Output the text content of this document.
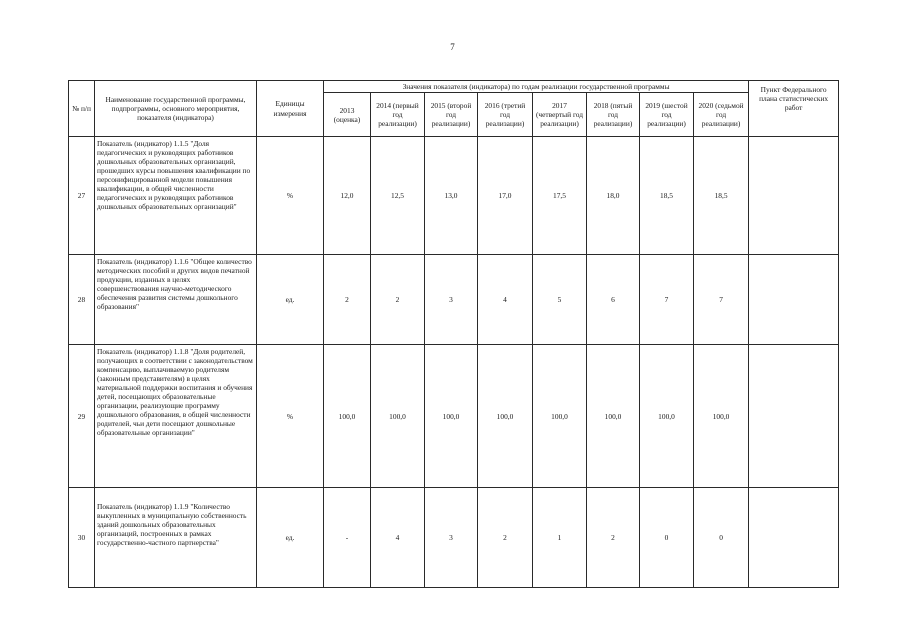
7
№ п/п	Наименование государственной программы, подпрограммы, основного мероприятия, показателя (индикатора)	Единицы измерения	Значения показателя (индикатора) по годам реализации государственной программы								Пункт Федерального плана статистических работ
			2013 (оценка)	2014 (первый год реализации)	2015 (второй год реализации)	2016 (третий год реализации)	2017 (четвертый год реализации)	2018 (пятый год реализации)	2019 (шестой год реализации)	2020 (седьмой год реализации)	
27	Показатель (индикатор) 1.1.5 "Доля педагогических и руководящих работников дошкольных образовательных организаций, прошедших курсы повышения квалификации по персонифицированной модели повышения квалификации, в общей численности педагогических и руководящих работников дошкольных образовательных организаций"	%	12,0	12,5	13,0	17,0	17,5	18,0	18,5	18,5	
28	Показатель (индикатор) 1.1.6 "Общее количество методических пособий и других видов печатной продукции, изданных в целях совершенствования научно-методического обеспечения развития системы дошкольного образования"	ед.	2	2	3	4	5	6	7	7	
29	Показатель (индикатор) 1.1.8 "Доля родителей, получающих в соответствии с законодательством компенсацию, выплачиваемую родителям (законным представителям) в целях материальной поддержки воспитания и обучения детей, посещающих образовательные организации, реализующие программу дошкольного образования, в общей численности родителей, чьи дети посещают дошкольные образовательные организации"	%	100,0	100,0	100,0	100,0	100,0	100,0	100,0	100,0	
30	Показатель (индикатор) 1.1.9 "Количество выкупленных в муниципальную собственность зданий дошкольных образовательных организаций, построенных в рамках государственно-частного партнерства"	ед.	-	4	3	2	1	2	0	0	
